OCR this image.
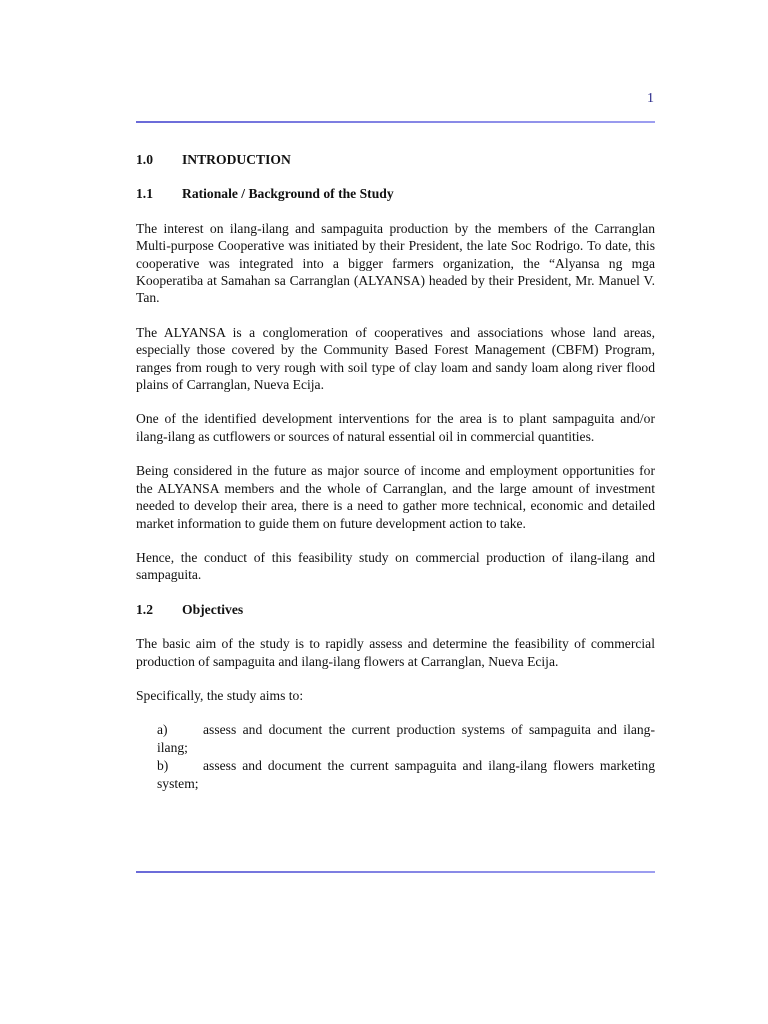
1
1.0	INTRODUCTION
1.1	Rationale / Background of the Study

The interest on ilang-ilang and sampaguita production by the members of the Carranglan Multi-purpose Cooperative was initiated by their President, the late Soc Rodrigo. To date, this cooperative was integrated into a bigger farmers organization, the “Alyansa ng mga Kooperatiba at Samahan sa Carranglan (ALYANSA) headed by their President, Mr. Manuel V. Tan.

The ALYANSA is a conglomeration of cooperatives and associations whose land areas, especially those covered by the Community Based Forest Management (CBFM) Program, ranges from rough to very rough with soil type of clay loam and sandy loam along river flood plains of Carranglan, Nueva Ecija.

One of the identified development interventions for the area is to plant sampaguita and/or ilang-ilang as cutflowers or sources of natural essential oil in commercial quantities.

Being considered in the future as major source of income and employment opportunities for the ALYANSA members and the whole of Carranglan, and the large amount of investment needed to develop their area, there is a need to gather more technical, economic and detailed market information to guide them on future development action to take.

Hence, the conduct of this feasibility study on commercial production of ilang-ilang and sampaguita.

1.2	Objectives

The basic aim of the study is to rapidly assess and determine the feasibility of commercial production of sampaguita and ilang-ilang flowers at Carranglan, Nueva Ecija.

Specifically, the study aims to:

a)	assess and document the current production systems of sampaguita and ilang-ilang;
b)	assess and document the current sampaguita and ilang-ilang flowers marketing system;
